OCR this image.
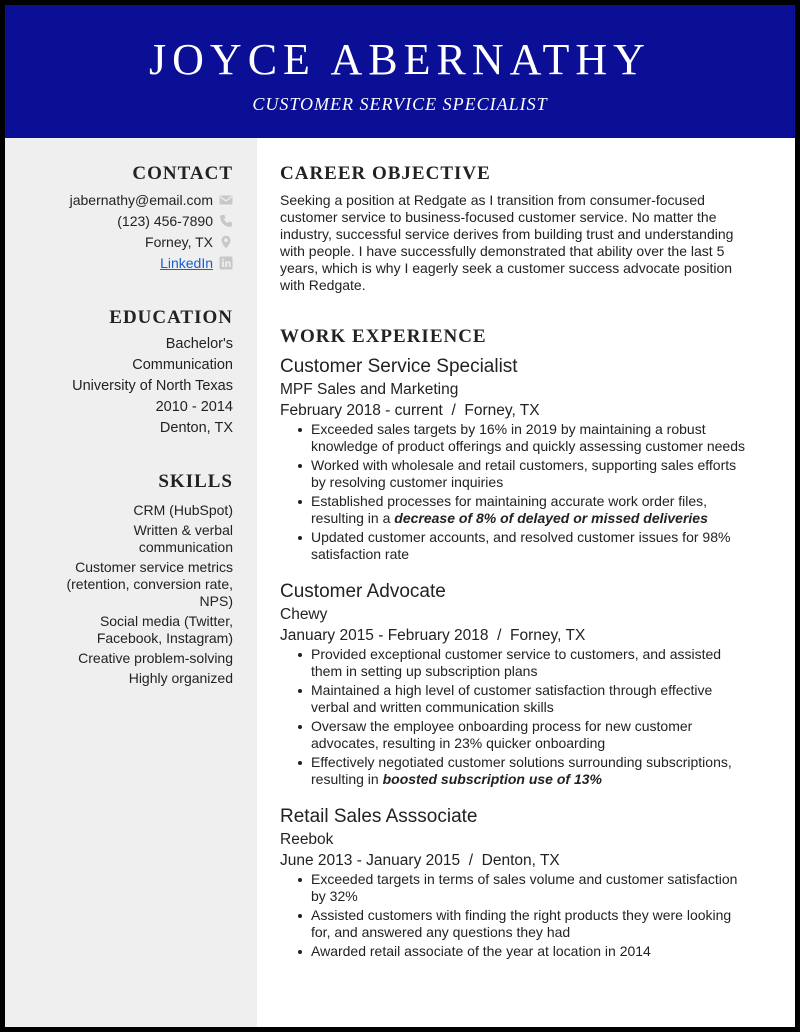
JOYCE ABERNATHY
CUSTOMER SERVICE SPECIALIST
CONTACT
jabernathy@email.com
(123) 456-7890
Forney, TX
LinkedIn
EDUCATION
Bachelor's
Communication
University of North Texas
2010 - 2014
Denton, TX
SKILLS
CRM (HubSpot)
Written & verbal communication
Customer service metrics (retention, conversion rate, NPS)
Social media (Twitter, Facebook, Instagram)
Creative problem-solving
Highly organized
CAREER OBJECTIVE
Seeking a position at Redgate as I transition from consumer-focused customer service to business-focused customer service. No matter the industry, successful service derives from building trust and understanding with people. I have successfully demonstrated that ability over the last 5 years, which is why I eagerly seek a customer success advocate position with Redgate.
WORK EXPERIENCE
Customer Service Specialist
MPF Sales and Marketing
February 2018 - current  /  Forney, TX
Exceeded sales targets by 16% in 2019 by maintaining a robust knowledge of product offerings and quickly assessing customer needs
Worked with wholesale and retail customers, supporting sales efforts by resolving customer inquiries
Established processes for maintaining accurate work order files, resulting in a decrease of 8% of delayed or missed deliveries
Updated customer accounts, and resolved customer issues for 98% satisfaction rate
Customer Advocate
Chewy
January 2015 - February 2018  /  Forney, TX
Provided exceptional customer service to customers, and assisted them in setting up subscription plans
Maintained a high level of customer satisfaction through effective verbal and written communication skills
Oversaw the employee onboarding process for new customer advocates, resulting in 23% quicker onboarding
Effectively negotiated customer solutions surrounding subscriptions, resulting in boosted subscription use of 13%
Retail Sales Asssociate
Reebok
June 2013 - January 2015  /  Denton, TX
Exceeded targets in terms of sales volume and customer satisfaction by 32%
Assisted customers with finding the right products they were looking for, and answered any questions they had
Awarded retail associate of the year at location in 2014
